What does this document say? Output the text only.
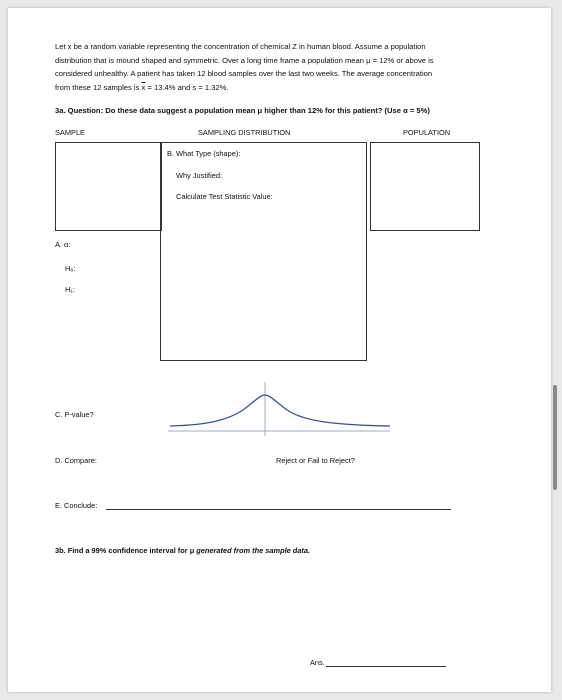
Let x be a random variable representing the concentration of chemical Z in human blood. Assume a population
distribution that is mound shaped and symmetric. Over a long time frame a population mean μ = 12% or above is
considered unhealthy. A patient has taken 12 blood samples over the last two weeks. The average concentration
from these 12 samples is $\overline{x} = 13.4\%$ and s = 1.32%.
3a. Question: Do these data suggest a population mean μ higher than 12% for this patient? (Use α = 5%)
SAMPLE	SAMPLING DISTRIBUTION	POPULATION
B. What Type (shape):
Why Justified:
Calculate Test Statistic Value:
A. α:
H₀:
H₁:
C. P-value?
D. Compare:	Reject or Fail to Reject?
E. Conclude:
3b. Find a 99% confidence interval for μ generated from the sample data.
Ans.
